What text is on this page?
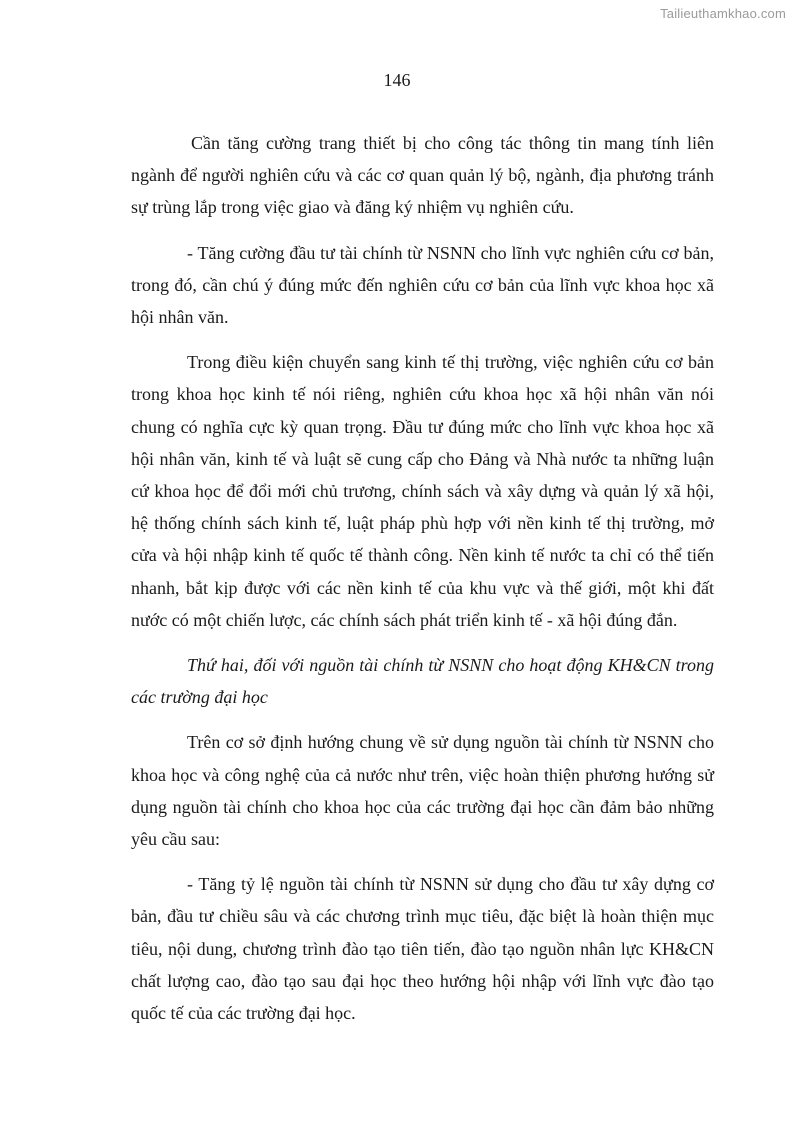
Tailieuthamkhao.com
146

Cần tăng cường trang thiết bị cho công tác thông tin mang tính liên ngành để người nghiên cứu và các cơ quan quản lý bộ, ngành, địa phương tránh sự trùng lắp trong việc giao và đăng ký nhiệm vụ nghiên cứu.

- Tăng cường đầu tư tài chính từ NSNN cho lĩnh vực nghiên cứu cơ bản, trong đó, cần chú ý đúng mức đến nghiên cứu cơ bản của lĩnh vực khoa học xã hội nhân văn.

Trong điều kiện chuyển sang kinh tế thị trường, việc nghiên cứu cơ bản trong khoa học kinh tế nói riêng, nghiên cứu khoa học xã hội nhân văn nói chung có nghĩa cực kỳ quan trọng. Đầu tư đúng mức cho lĩnh vực khoa học xã hội nhân văn, kinh tế và luật sẽ cung cấp cho Đảng và Nhà nước ta những luận cứ khoa học để đổi mới chủ trương, chính sách và xây dựng và quản lý xã hội, hệ thống chính sách kinh tế, luật pháp phù hợp với nền kinh tế thị trường, mở cửa và hội nhập kinh tế quốc tế thành công. Nền kinh tế nước ta chỉ có thể tiến nhanh, bắt kịp được với các nền kinh tế của khu vực và thế giới, một khi đất nước có một chiến lược, các chính sách phát triển kinh tế - xã hội đúng đắn.

Thứ hai, đối với nguồn tài chính từ NSNN cho hoạt động KH&CN trong các trường đại học

Trên cơ sở định hướng chung về sử dụng nguồn tài chính từ NSNN cho khoa học và công nghệ của cả nước như trên, việc hoàn thiện phương hướng sử dụng nguồn tài chính cho khoa học của các trường đại học cần đảm bảo những yêu cầu sau:

- Tăng tỷ lệ nguồn tài chính từ NSNN sử dụng cho đầu tư xây dựng cơ bản, đầu tư chiều sâu và các chương trình mục tiêu, đặc biệt là hoàn thiện mục tiêu, nội dung, chương trình đào tạo tiên tiến, đào tạo nguồn nhân lực KH&CN chất lượng cao, đào tạo sau đại học theo hướng hội nhập với lĩnh vực đào tạo quốc tế của các trường đại học.
